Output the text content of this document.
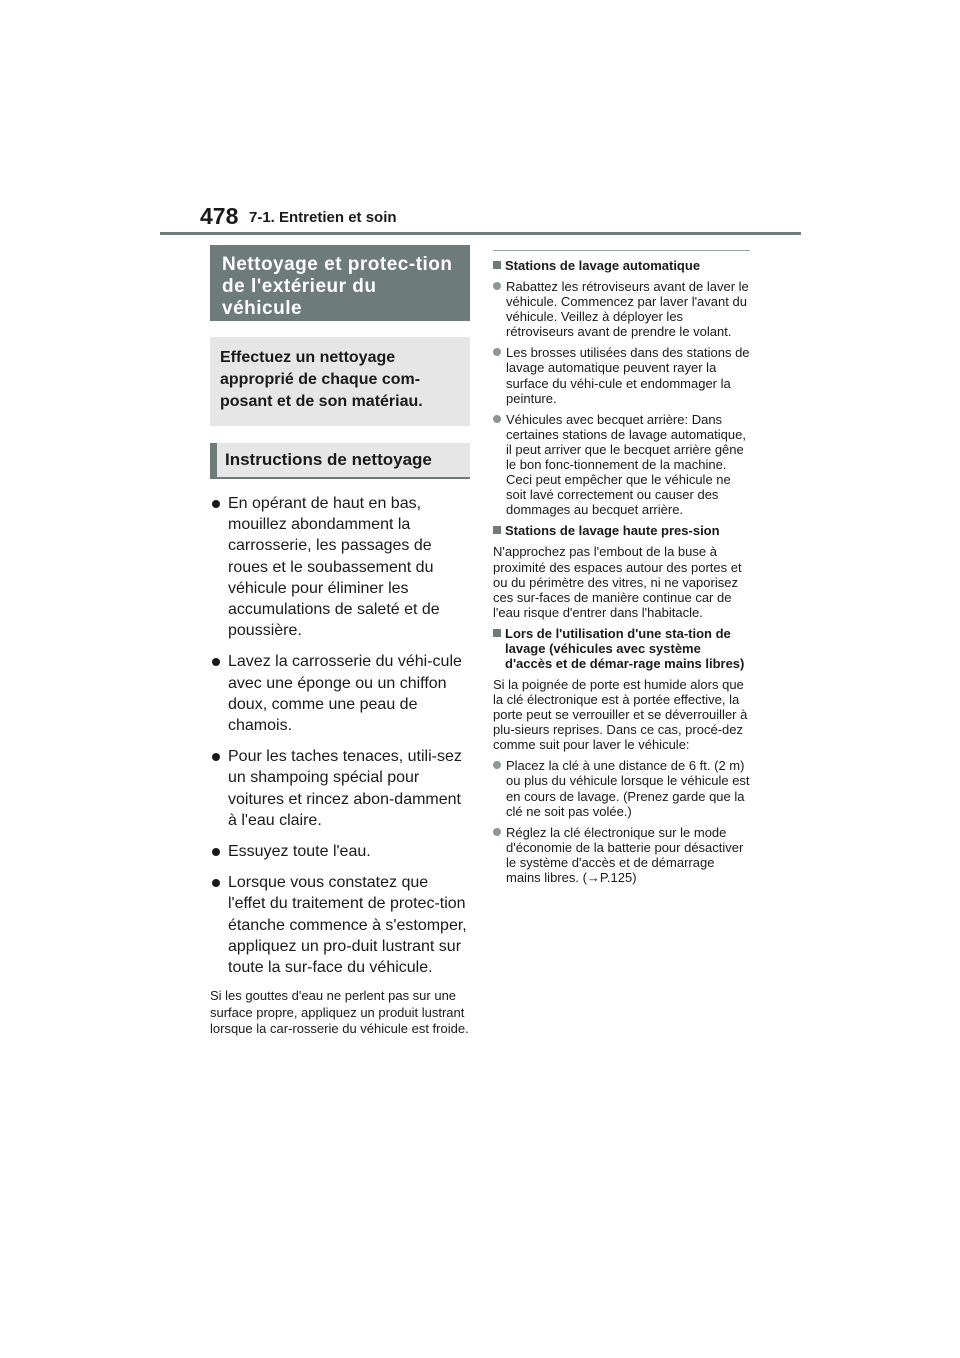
478 7-1. Entretien et soin
Nettoyage et protec-tion de l'extérieur du véhicule
Effectuez un nettoyage approprié de chaque com-posant et de son matériau.
Instructions de nettoyage
En opérant de haut en bas, mouillez abondamment la carrosserie, les passages de roues et le soubassement du véhicule pour éliminer les accumulations de saleté et de poussière.
Lavez la carrosserie du véhi-cule avec une éponge ou un chiffon doux, comme une peau de chamois.
Pour les taches tenaces, utili-sez un shampoing spécial pour voitures et rincez abon-damment à l'eau claire.
Essuyez toute l'eau.
Lorsque vous constatez que l'effet du traitement de protec-tion étanche commence à s'estomper, appliquez un pro-duit lustrant sur toute la sur-face du véhicule.
Si les gouttes d'eau ne perlent pas sur une surface propre, appliquez un produit lustrant lorsque la car-rosserie du véhicule est froide.
Stations de lavage automatique
Rabattez les rétroviseurs avant de laver le véhicule. Commencez par laver l'avant du véhicule. Veillez à déployer les rétroviseurs avant de prendre le volant.
Les brosses utilisées dans des stations de lavage automatique peuvent rayer la surface du véhi-cule et endommager la peinture.
Véhicules avec becquet arrière: Dans certaines stations de lavage automatique, il peut arriver que le becquet arrière gêne le bon fonc-tionnement de la machine. Ceci peut empêcher que le véhicule ne soit lavé correctement ou causer des dommages au becquet arrière.
Stations de lavage haute pres-sion
N'approchez pas l'embout de la buse à proximité des espaces autour des portes et ou du périmètre des vitres, ni ne vaporisez ces sur-faces de manière continue car de l'eau risque d'entrer dans l'habitacle.
Lors de l'utilisation d'une sta-tion de lavage (véhicules avec système d'accès et de démar-rage mains libres)
Si la poignée de porte est humide alors que la clé électronique est à portée effective, la porte peut se verrouiller et se déverrouiller à plu-sieurs reprises. Dans ce cas, procé-dez comme suit pour laver le véhicule:
Placez la clé à une distance de 6 ft. (2 m) ou plus du véhicule lorsque le véhicule est en cours de lavage. (Prenez garde que la clé ne soit pas volée.)
Réglez la clé électronique sur le mode d'économie de la batterie pour désactiver le système d'accès et de démarrage mains libres. (→P.125)
